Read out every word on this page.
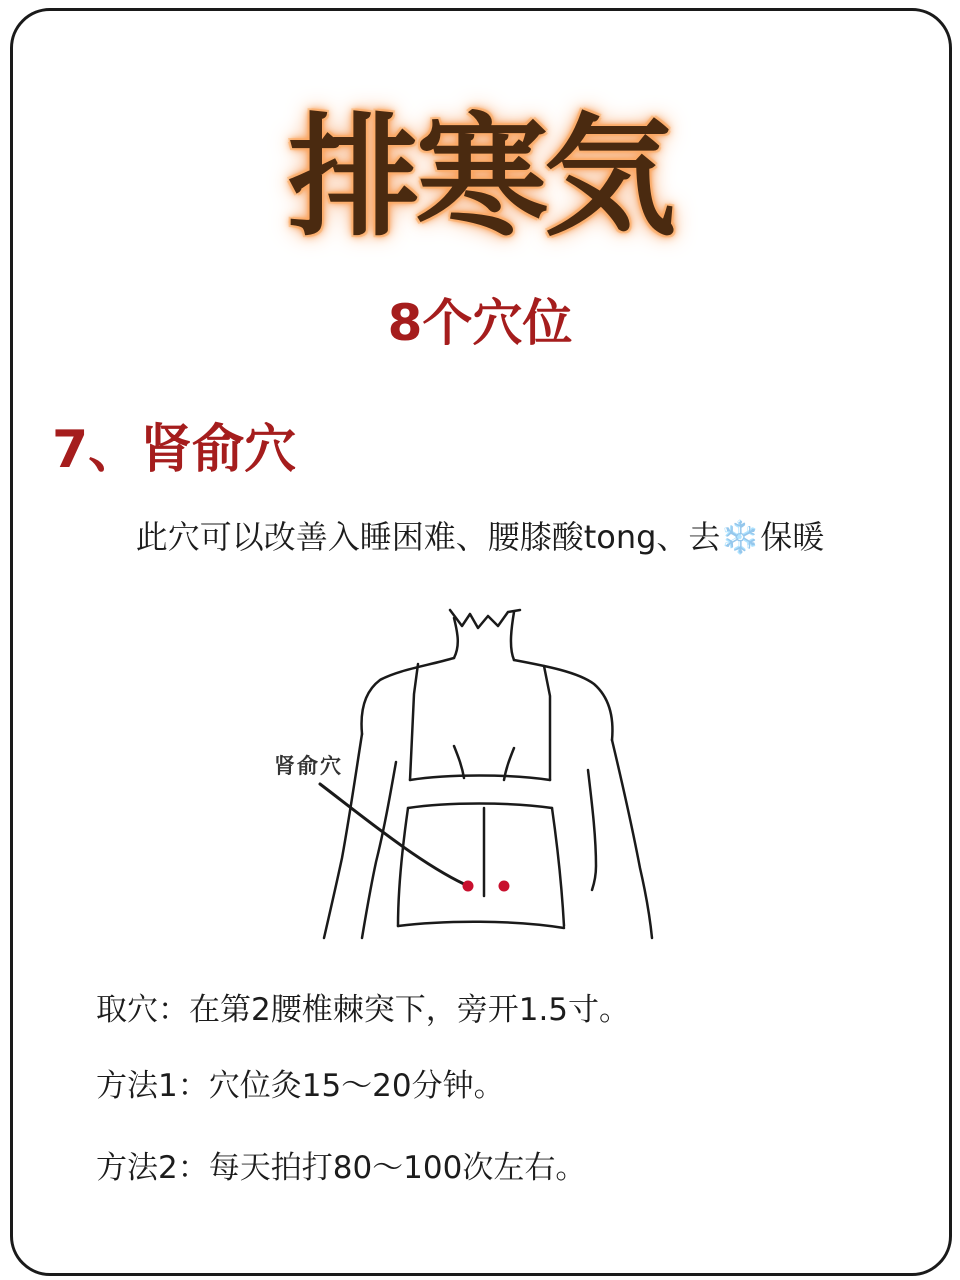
排寒気
8个穴位
7、肾俞穴
此穴可以改善入睡困难、腰膝酸tong、去❄️保暖
肾俞穴
取穴：在第2腰椎棘突下，旁开1.5寸。
方法1：穴位灸15～20分钟。
方法2：每天拍打80～100次左右。
